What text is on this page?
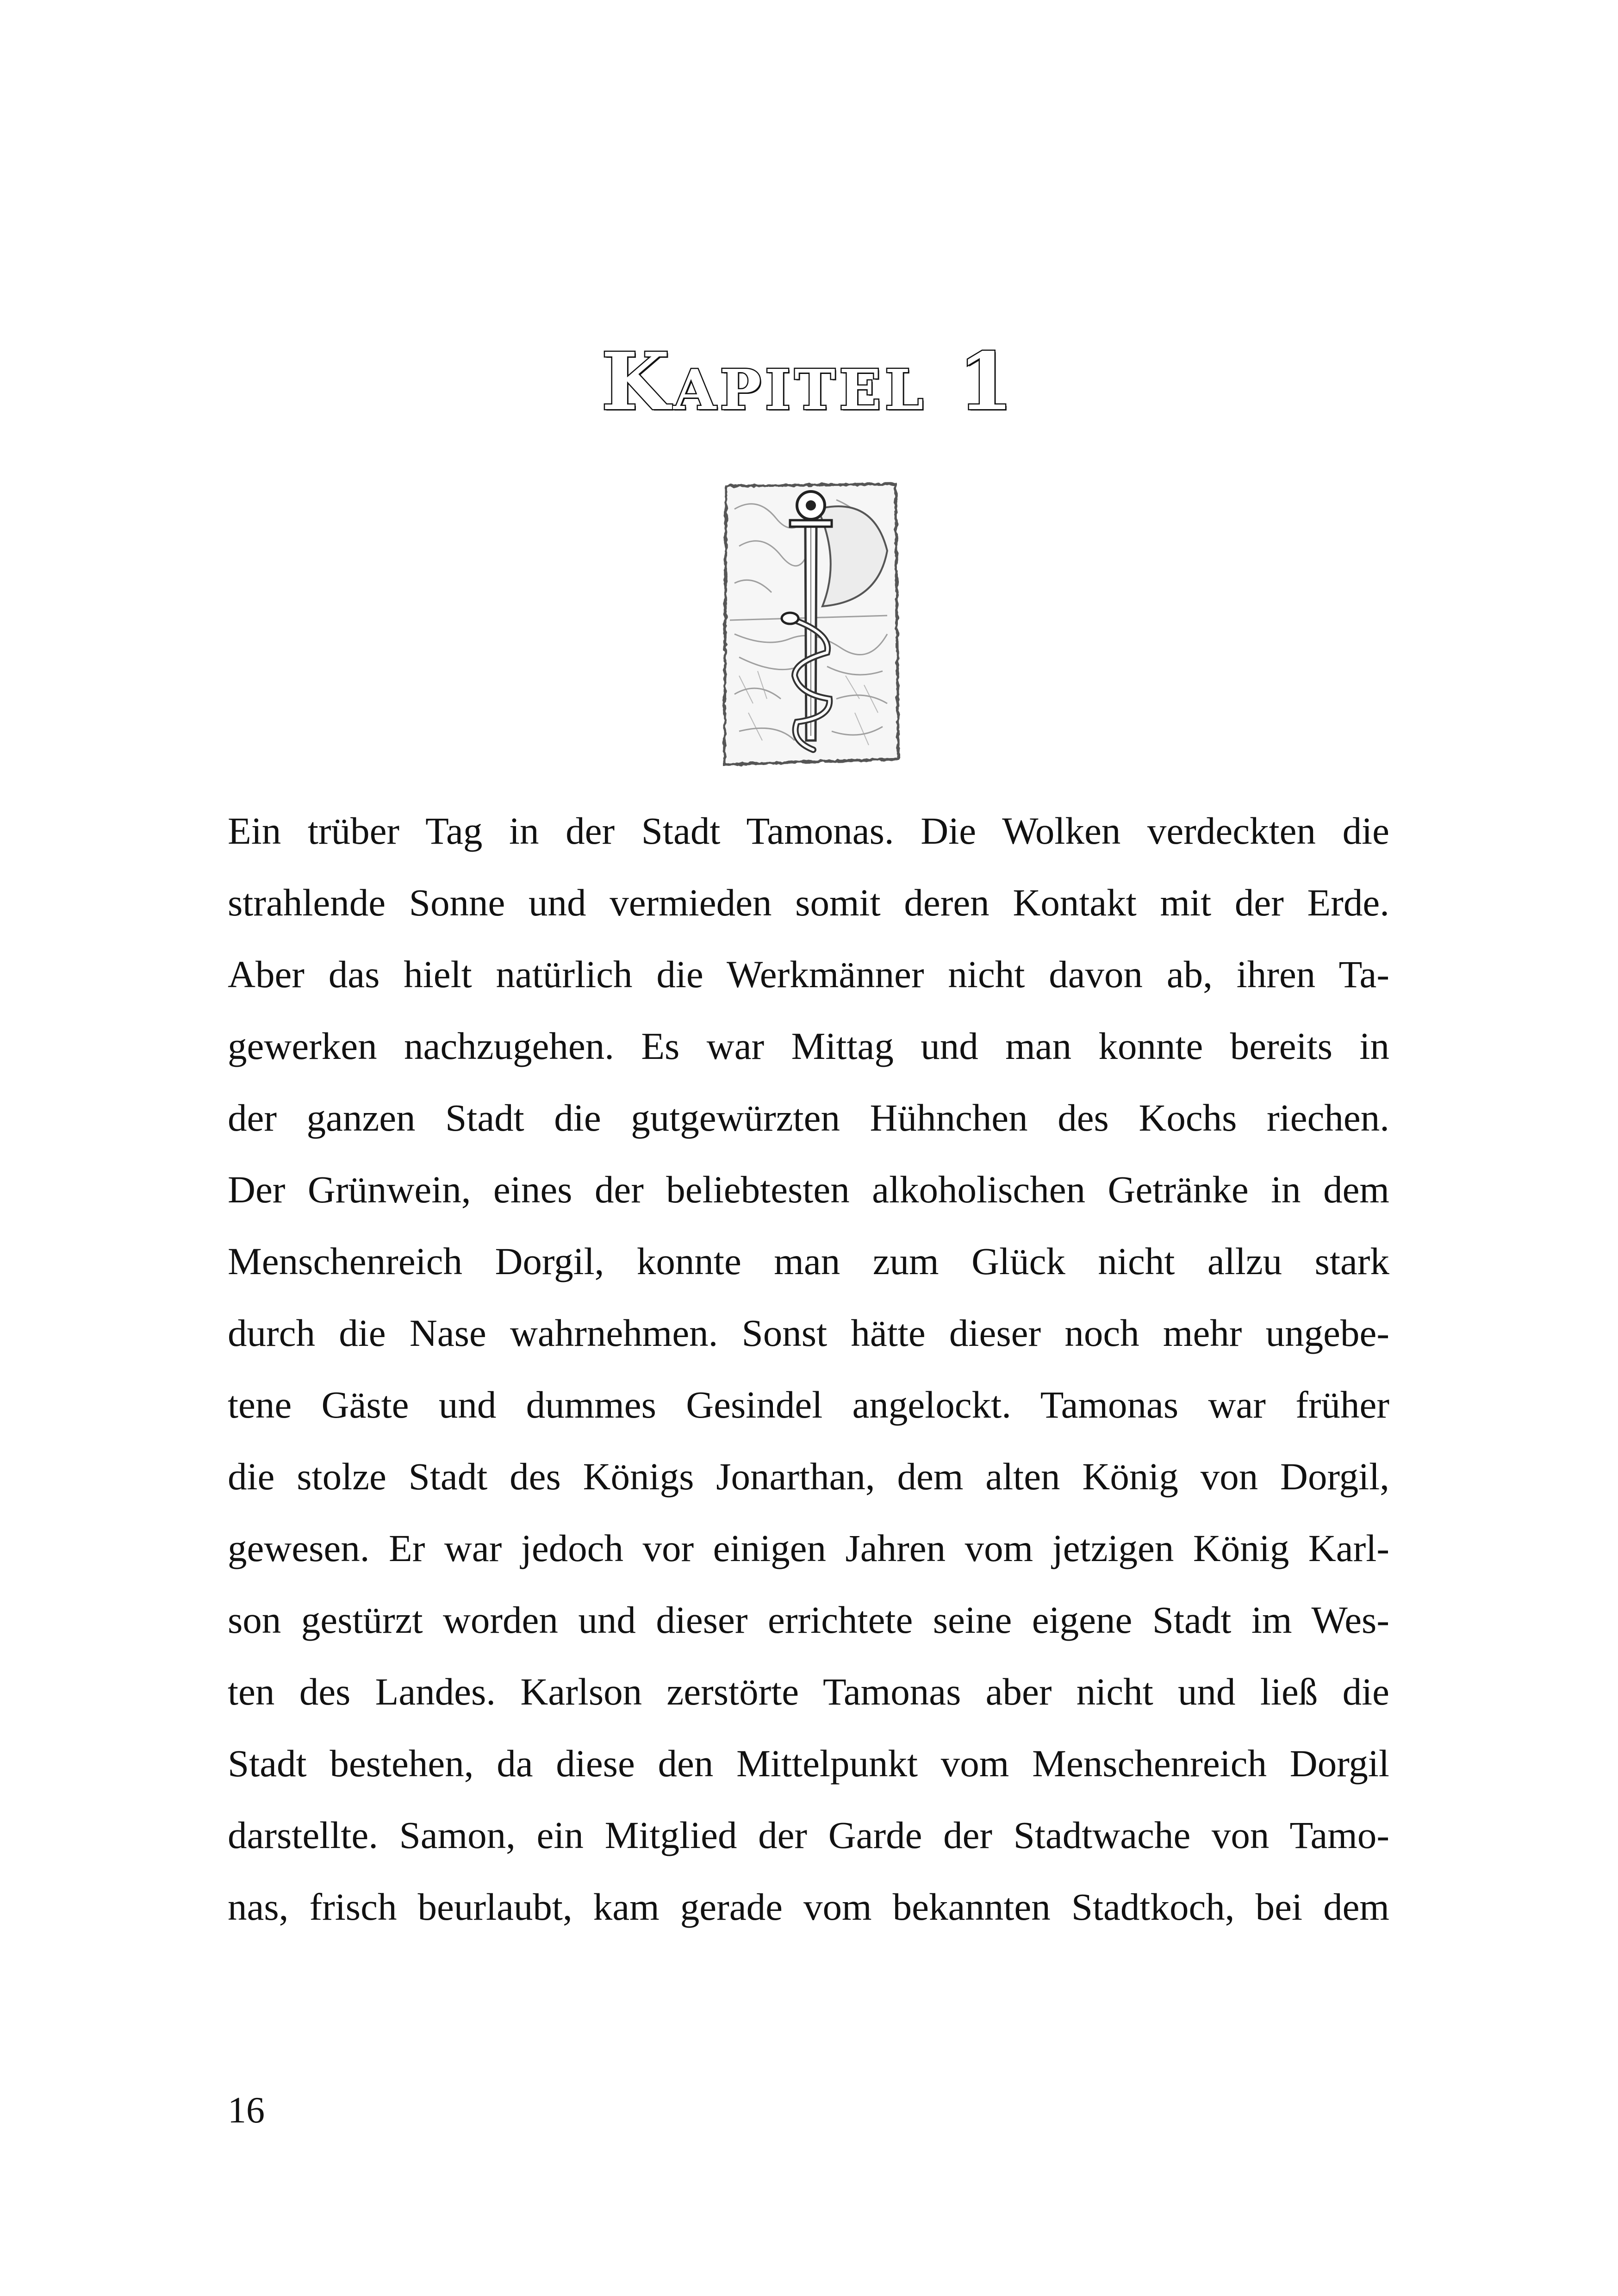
Kapitel 1
Ein trüber Tag in der Stadt Tamonas. Die Wolken verdeckten die
strahlende Sonne und vermieden somit deren Kontakt mit der Erde.
Aber das hielt natürlich die Werkmänner nicht davon ab, ihren Ta-
gewerken nachzugehen. Es war Mittag und man konnte bereits in
der ganzen Stadt die gutgewürzten Hühnchen des Kochs riechen.
Der Grünwein, eines der beliebtesten alkoholischen Getränke in dem
Menschenreich Dorgil, konnte man zum Glück nicht allzu stark
durch die Nase wahrnehmen. Sonst hätte dieser noch mehr ungebe-
tene Gäste und dummes Gesindel angelockt. Tamonas war früher
die stolze Stadt des Königs Jonarthan, dem alten König von Dorgil,
gewesen. Er war jedoch vor einigen Jahren vom jetzigen König Karl-
son gestürzt worden und dieser errichtete seine eigene Stadt im Wes-
ten des Landes. Karlson zerstörte Tamonas aber nicht und ließ die
Stadt bestehen, da diese den Mittelpunkt vom Menschenreich Dorgil
darstellte. Samon, ein Mitglied der Garde der Stadtwache von Tamo-
nas, frisch beurlaubt, kam gerade vom bekannten Stadtkoch, bei dem
16
